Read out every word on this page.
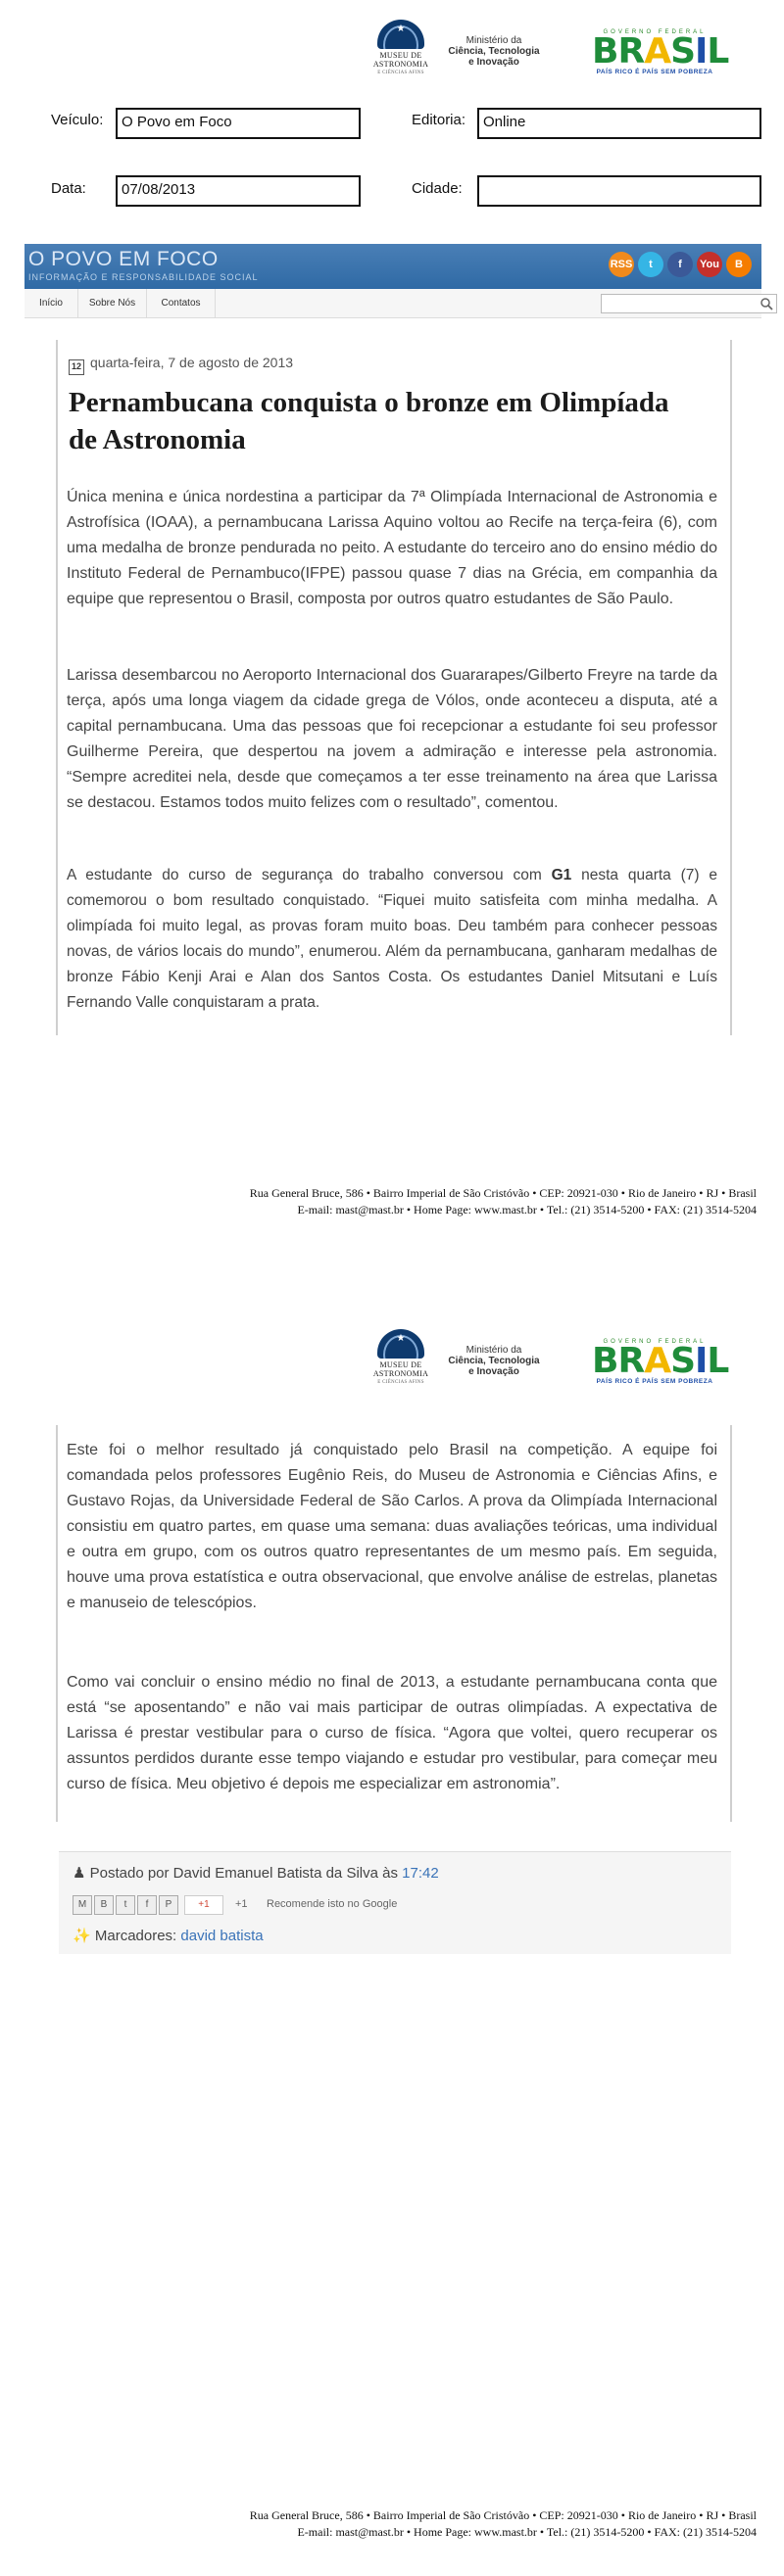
★
MUSEU DE
ASTRONOMIA
E CIÊNCIAS AFINS
Ministério da
Ciência, Tecnologia
e Inovação
GOVERNO FEDERAL
BRASIL
PAÍS RICO É PAÍS SEM POBREZA
Veículo:	O Povo em Foco	Editoria:	Online
Data:	07/08/2013	Cidade:
O POVO EM FOCO
INFORMAÇÃO E RESPONSABILIDADE SOCIAL
RSS	t	f	You	B
Início	Sobre Nós	Contatos
12 quarta-feira, 7 de agosto de 2013
Pernambucana conquista o bronze em Olimpíada de Astronomia

Única menina e única nordestina a participar da 7ª Olimpíada Internacional de Astronomia e Astrofísica (IOAA), a pernambucana Larissa Aquino voltou ao Recife na terça-feira (6), com uma medalha de bronze pendurada no peito. A estudante do terceiro ano do ensino médio do Instituto Federal de Pernambuco(IFPE) passou quase 7 dias na Grécia, em companhia da equipe que representou o Brasil, composta por outros quatro estudantes de São Paulo.

Larissa desembarcou no Aeroporto Internacional dos Guararapes/Gilberto Freyre na tarde da terça, após uma longa viagem da cidade grega de Vólos, onde aconteceu a disputa, até a capital pernambucana. Uma das pessoas que foi recepcionar a estudante foi seu professor Guilherme Pereira, que despertou na jovem a admiração e interesse pela astronomia. “Sempre acreditei nela, desde que começamos a ter esse treinamento na área que Larissa se destacou. Estamos todos muito felizes com o resultado”, comentou.

A estudante do curso de segurança do trabalho conversou com G1 nesta quarta (7) e comemorou o bom resultado conquistado. “Fiquei muito satisfeita com minha medalha. A olimpíada foi muito legal, as provas foram muito boas. Deu também para conhecer pessoas novas, de vários locais do mundo”, enumerou. Além da pernambucana, ganharam medalhas de bronze Fábio Kenji Arai e Alan dos Santos Costa. Os estudantes Daniel Mitsutani e Luís Fernando Valle conquistaram a prata.

Rua General Bruce, 586 • Bairro Imperial de São Cristóvão • CEP: 20921-030 • Rio de Janeiro • RJ • Brasil
E-mail: mast@mast.br • Home Page: www.mast.br • Tel.: (21) 3514-5200 • FAX: (21) 3514-5204
★
MUSEU DE
ASTRONOMIA
E CIÊNCIAS AFINS
Ministério da
Ciência, Tecnologia
e Inovação
GOVERNO FEDERAL
BRASIL
PAÍS RICO É PAÍS SEM POBREZA

Este foi o melhor resultado já conquistado pelo Brasil na competição. A equipe foi comandada pelos professores Eugênio Reis, do Museu de Astronomia e Ciências Afins, e Gustavo Rojas, da Universidade Federal de São Carlos. A prova da Olimpíada Internacional consistiu em quatro partes, em quase uma semana: duas avaliações teóricas, uma individual e outra em grupo, com os outros quatro representantes de um mesmo país. Em seguida, houve uma prova estatística e outra observacional, que envolve análise de estrelas, planetas e manuseio de telescópios.

Como vai concluir o ensino médio no final de 2013, a estudante pernambucana conta que está “se aposentando” e não vai mais participar de outras olimpíadas. A expectativa de Larissa é prestar vestibular para o curso de física. “Agora que voltei, quero recuperar os assuntos perdidos durante esse tempo viajando e estudar pro vestibular, para começar meu curso de física. Meu objetivo é depois me especializar em astronomia”.

♟ Postado por David Emanuel Batista da Silva às 17:42
M	B	t	f	P	+1	+1 Recomende isto no Google
✨ Marcadores: david batista
Rua General Bruce, 586 • Bairro Imperial de São Cristóvão • CEP: 20921-030 • Rio de Janeiro • RJ • Brasil
E-mail: mast@mast.br • Home Page: www.mast.br • Tel.: (21) 3514-5200 • FAX: (21) 3514-5204
